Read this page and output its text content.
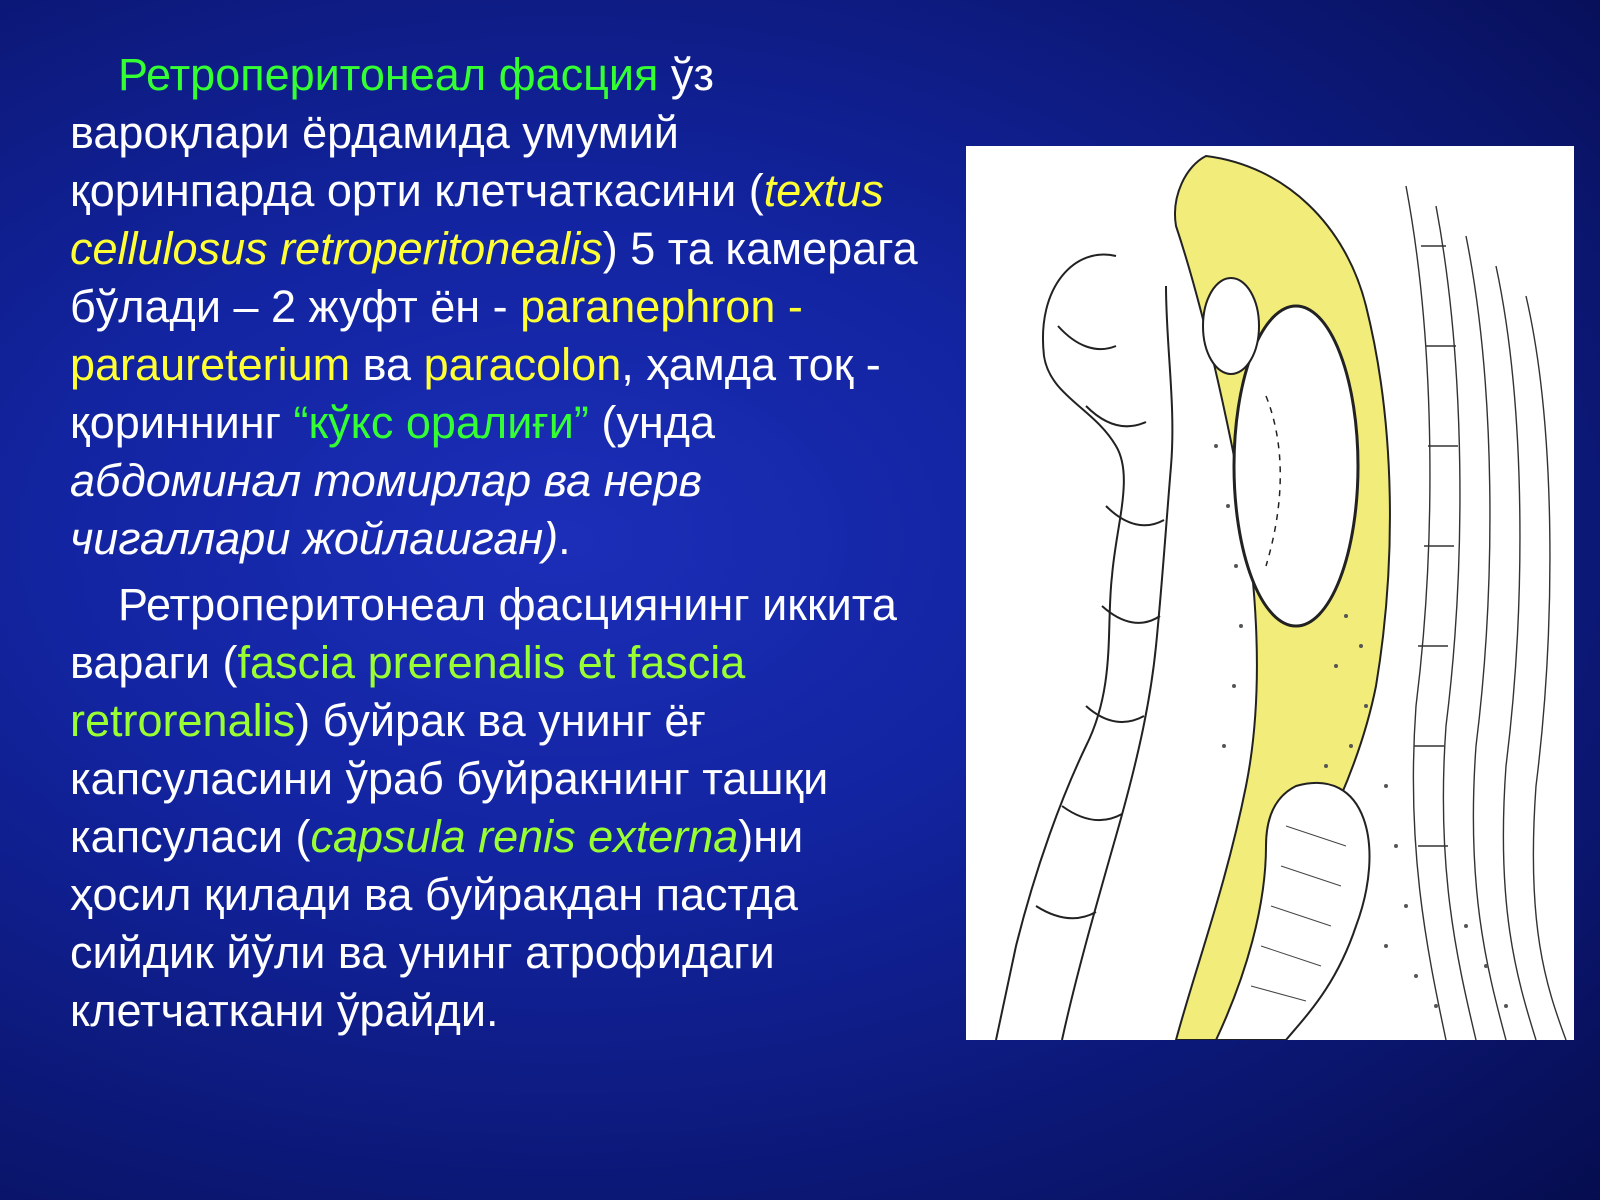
Ретроперитонеал фасция ўз вароқлари ёрдамида умумий қоринпарда орти клетчаткасини (textus cellulosus retroperitonealis) 5 та камерага бўлади – 2 жуфт ён - paranephron - paraureterium ва paracolon, ҳамда тоқ - қориннинг “кўкс оралиғи” (унда абдоминал томирлар ва нерв чигаллари жойлашган).

Ретроперитонеал фасциянинг иккита вараги (fascia prerenalis et fascia retrorenalis) буйрак ва унинг ёғ капсуласини ўраб буйракнинг ташқи капсуласи (capsula renis externa)ни ҳосил қилади ва буйракдан пастда сийдик йўли ва унинг атрофидаги клетчаткани ўрайди.
